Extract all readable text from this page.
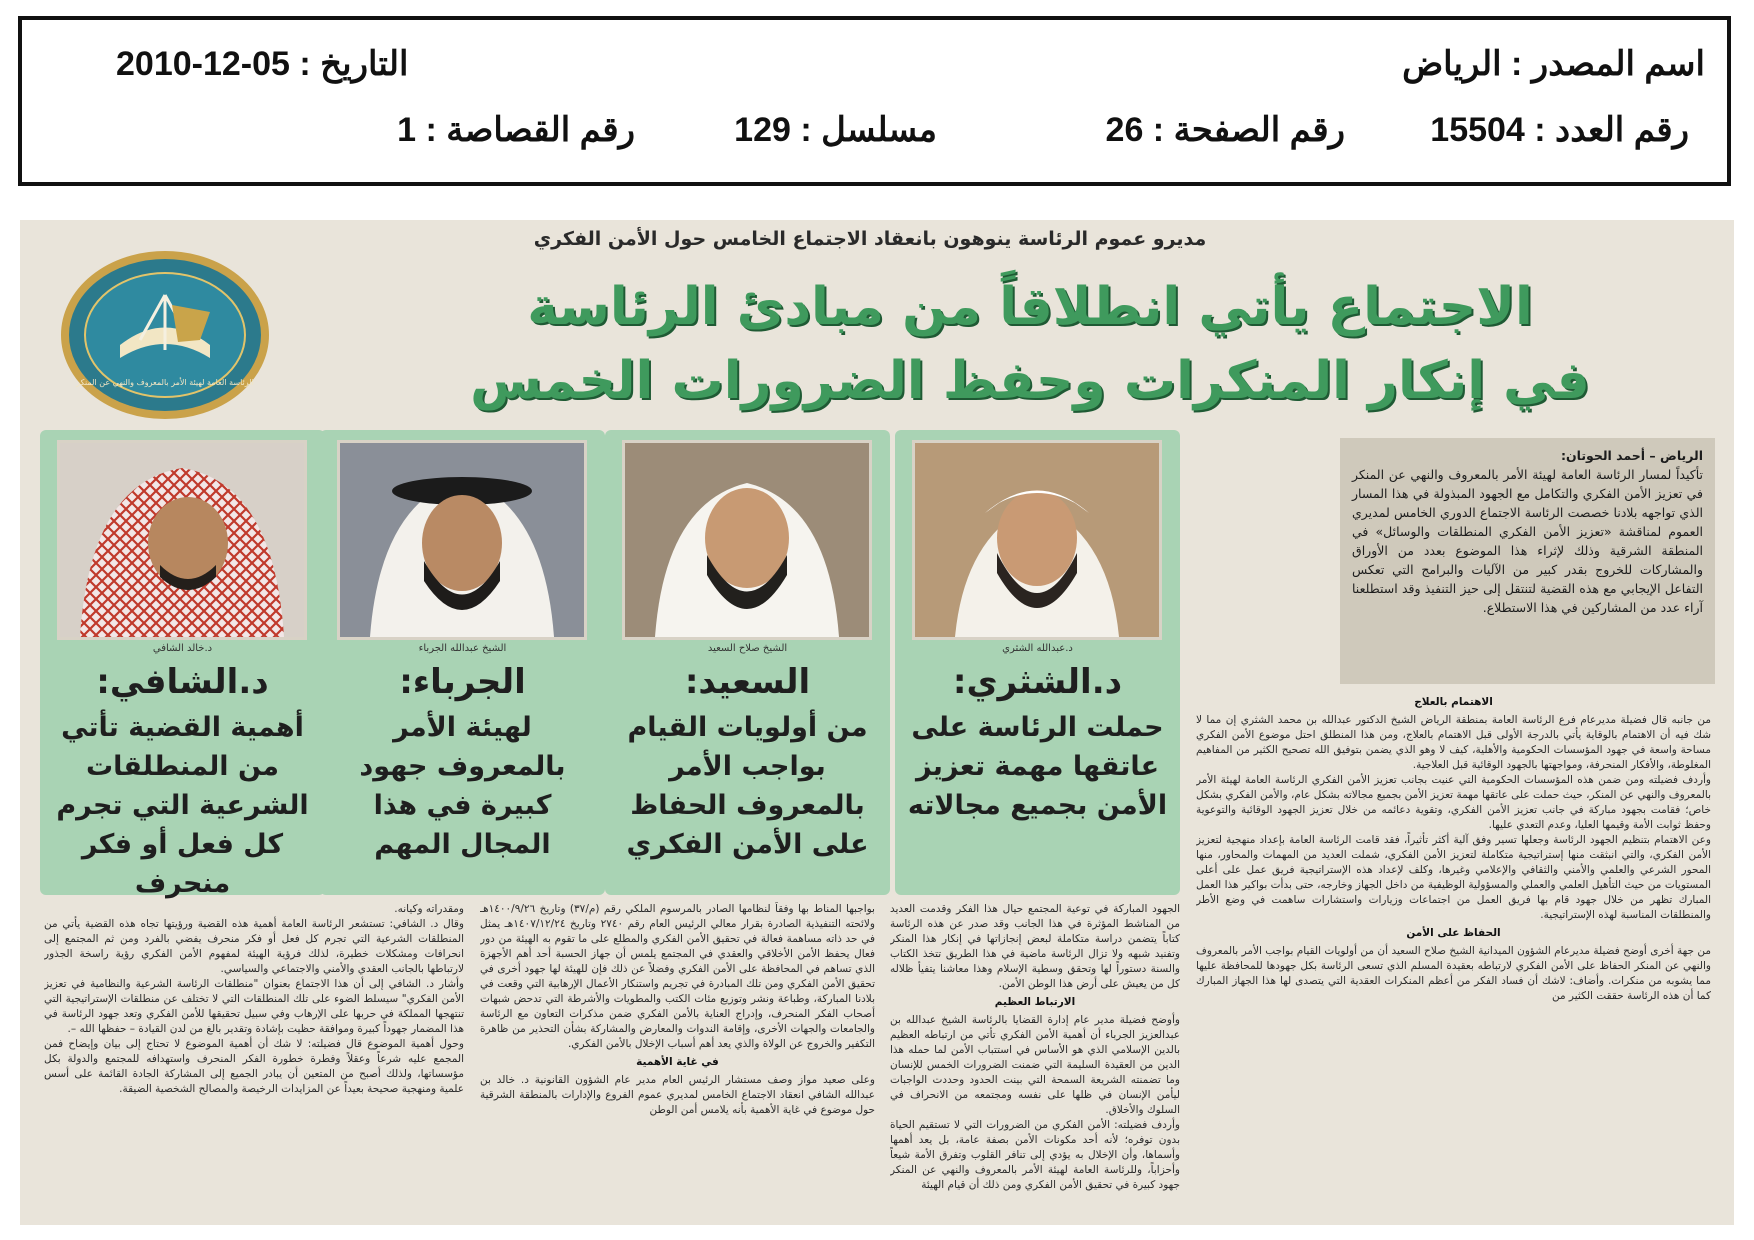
اسم المصدر : الرياض
التاريخ : 05-12-2010
رقم العدد : 15504
رقم الصفحة : 26
مسلسل : 129
رقم القصاصة : 1
مديرو عموم الرئاسة ينوهون بانعقاد الاجتماع الخامس حول الأمن الفكري
الاجتماع يأتي انطلاقاً من مبادئ الرئاسة
في إنكار المنكرات وحفظ الضرورات الخمس
الرئاسة العامة لهيئة الأمر بالمعروف والنهي عن المنكر
الرياض – أحمد الحوتان:
تأكيداً لمسار الرئاسة العامة لهيئة الأمر بالمعروف والنهي عن المنكر في تعزيز الأمن الفكري والتكامل مع الجهود المبذولة في هذا المسار الذي تواجهه بلادنا خصصت الرئاسة الاجتماع الدوري الخامس لمديري العموم لمناقشة «تعزيز الأمن الفكري المنطلقات والوسائل» في المنطقة الشرقية وذلك لإثراء هذا الموضوع بعدد من الأوراق والمشاركات للخروج بقدر كبير من الآليات والبرامج التي تعكس التفاعل الإيجابي مع هذه القضية لتنتقل إلى حيز التنفيذ وقد استطلعنا آراء عدد من المشاركين في هذا الاستطلاع.
د.عبدالله الشثري
د.الشثري:
حملت الرئاسة على عاتقها مهمة تعزيز الأمن بجميع مجالاته
الشيخ صلاح السعيد
السعيد:
من أولويات القيام بواجب الأمر بالمعروف الحفاظ على الأمن الفكري
الشيخ عبدالله الجرباء
الجرباء:
لهيئة الأمر بالمعروف جهود كبيرة في هذا المجال المهم
د.خالد الشافي
د.الشافي:
أهمية القضية تأتي من المنطلقات الشرعية التي تجرم كل فعل أو فكر منحرف
الاهتمام بالعلاج
من جانبه قال فضيلة مديرعام فرع الرئاسة العامة بمنطقة الرياض الشيخ الدكتور عبدالله بن محمد الشثري إن مما لا شك فيه أن الاهتمام بالوقاية يأتي بالدرجة الأولى قبل الاهتمام بالعلاج، ومن هذا المنطلق احتل موضوع الأمن الفكري مساحة واسعة في جهود المؤسسات الحكومية والأهلية، كيف لا وهو الذي يضمن بتوفيق الله تصحيح الكثير من المفاهيم المغلوطة، والأفكار المنحرفة، ومواجهتها بالجهود الوقائية قبل العلاجية.
وأردف فضيلته ومن ضمن هذه المؤسسات الحكومية التي عنيت بجانب تعزيز الأمن الفكري الرئاسة العامة لهيئة الأمر بالمعروف والنهي عن المنكر، حيث حملت على عاتقها مهمة تعزيز الأمن بجميع مجالاته بشكل عام، والأمن الفكري بشكل خاص؛ فقامت بجهود مباركة في جانب تعزيز الأمن الفكري، وتقوية دعائمه من خلال تعزيز الجهود الوقائية والتوعوية وحفظ ثوابت الأمة وقيمها العليا، وعدم التعدي عليها.
وعن الاهتمام بتنظيم الجهود الرئاسة وجعلها تسير وفق آلية أكثر تأثيراً، فقد قامت الرئاسة العامة بإعداد منهجية لتعزيز الأمن الفكري، والتي انبثقت منها إستراتيجية متكاملة لتعزيز الأمن الفكري، شملت العديد من المهمات والمحاور، منها المحور الشرعي والعلمي والأمني والثقافي والإعلامي وغيرها، وكلف لإعداد هذه الإستراتيجية فريق عمل على أعلى المستويات من حيث التأهيل العلمي والعملي والمسؤولية الوظيفية من داخل الجهاز وخارجه، حتى بدأت بواكير هذا العمل المبارك تظهر من خلال جهود قام بها فريق العمل من اجتماعات وزيارات واستشارات ساهمت في وضع الأطر والمنطلقات المناسبة لهذه الإستراتيجية.
الحفاظ على الأمن
من جهة أخرى أوضح فضيلة مديرعام الشؤون الميدانية الشيخ صلاح السعيد أن من أولويات القيام بواجب الأمر بالمعروف والنهي عن المنكر الحفاظ على الأمن الفكري لارتباطه بعقيدة المسلم الذي تسعى الرئاسة بكل جهودها للمحافظة عليها مما يشوبه من منكرات. وأضاف: لاشك أن فساد الفكر من أعظم المنكرات العقدية التي يتصدى لها هذا الجهاز المبارك كما أن هذه الرئاسة حققت الكثير من
الجهود المباركة في توعية المجتمع حيال هذا الفكر وقدمت العديد من المناشط المؤثرة في هذا الجانب وقد صدر عن هذه الرئاسة كتاباً يتضمن دراسة متكاملة لبعض إنجازاتها في إنكار هذا المنكر وتفنيد شبهه ولا تزال الرئاسة ماضية في هذا الطريق تتخذ الكتاب والسنة دستوراً لها وتحقق وسطية الإسلام وهذا معاشنا يتفيأ ظلاله كل من يعيش على أرض هذا الوطن الأمن.
الارتباط العظيم
وأوضح فضيلة مدير عام إدارة القضايا بالرئاسة الشيخ عبدالله بن عبدالعزيز الجرباء أن أهمية الأمن الفكري تأتي من ارتباطه العظيم بالدين الإسلامي الذي هو الأساس في استتباب الأمن لما حمله هذا الدين من العقيدة السليمة التي ضمنت الضرورات الخمس للإنسان وما تضمنته الشريعة السمحة التي بينت الحدود وحددت الواجبات ليأمن الإنسان في ظلها على نفسه ومجتمعه من الانحراف في السلوك والأخلاق.
وأردف فضيلته: الأمن الفكري من الضرورات التي لا تستقيم الحياة بدون توفره؛ لأنه أحد مكونات الأمن بصفة عامة، بل يعد أهمها وأسماها، وأن الإخلال به يؤدي إلى تنافر القلوب وتفرق الأمة شيعاً وأحزاباً، وللرئاسة العامة لهيئة الأمر بالمعروف والنهي عن المنكر جهود كبيرة في تحقيق الأمن الفكري ومن ذلك أن قيام الهيئة
بواجبها المناط بها وفقاً لنظامها الصادر بالمرسوم الملكي رقم (م/٣٧) وتاريخ ١٤٠٠/٩/٢٦هـ ولائحته التنفيذية الصادرة بقرار معالي الرئيس العام رقم ٢٧٤٠ وتاريخ ١٤٠٧/١٢/٢٤هـ يمثل في حد ذاته مساهمة فعالة في تحقيق الأمن الفكري والمطلع على ما تقوم به الهيئة من دور فعال يحفظ الأمن الأخلاقي والعقدي في المجتمع يلمس أن جهاز الحسبة أحد أهم الأجهزة الذي تساهم في المحافظة على الأمن الفكري وفضلاً عن ذلك فإن للهيئة لها جهود أخرى في تحقيق الأمن الفكري ومن تلك المبادرة في تجريم واستنكار الأعمال الإرهابية التي وقعت في بلادنا المباركة، وطباعة ونشر وتوزيع مئات الكتب والمطويات والأشرطة التي تدحض شبهات أصحاب الفكر المنحرف، وإدراج العناية بالأمن الفكري ضمن مذكرات التعاون مع الرئاسة والجامعات والجهات الأخرى، وإقامة الندوات والمعارض والمشاركة بشأن التحذير من ظاهرة التكفير والخروج عن الولاة والذي يعد أهم أسباب الإخلال بالأمن الفكري.
في غاية الأهمية
وعلى صعيد مواز وصف مستشار الرئيس العام مدير عام الشؤون القانونية د. خالد بن عبدالله الشافي انعقاد الاجتماع الخامس لمديري عموم الفروع والإدارات بالمنطقة الشرقية حول موضوع في غاية الأهمية بأنه يلامس أمن الوطن
ومقدراته وكيانه.
وقال د. الشافي: تستشعر الرئاسة العامة أهمية هذه القضية ورؤيتها تجاه هذه القضية يأتي من المنطلقات الشرعية التي تجرم كل فعل أو فكر منحرف يفضي بالفرد ومن ثم المجتمع إلى انحرافات ومشكلات خطيرة، لذلك فرؤية الهيئة لمفهوم الأمن الفكري رؤية راسخة الجذور لارتباطها بالجانب العقدي والأمني والاجتماعي والسياسي.
وأشار د. الشافي إلى أن هذا الاجتماع بعنوان "منطلقات الرئاسة الشرعية والنظامية في تعزيز الأمن الفكري" سيسلط الضوء على تلك المنطلقات التي لا تختلف عن منطلقات الإستراتيجية التي تنتهجها المملكة في حربها على الإرهاب وفي سبيل تحقيقها للأمن الفكري وتعد جهود الرئاسة في هذا المضمار جهوداً كبيرة وموافقة حظيت بإشادة وتقدير بالغ من لدن القيادة – حفظها الله –.
وحول أهمية الموضوع قال فضيلته: لا شك أن أهمية الموضوع لا تحتاج إلى بيان وإيضاح فمن المجمع عليه شرعاً وعقلاً وفطرة خطورة الفكر المنحرف واستهدافه للمجتمع والدولة بكل مؤسساتها، ولذلك أصبح من المتعين أن يبادر الجميع إلى المشاركة الجادة القائمة على أسس علمية ومنهجية صحيحة بعيداً عن المزايدات الرخيصة والمصالح الشخصية الضيقة.
